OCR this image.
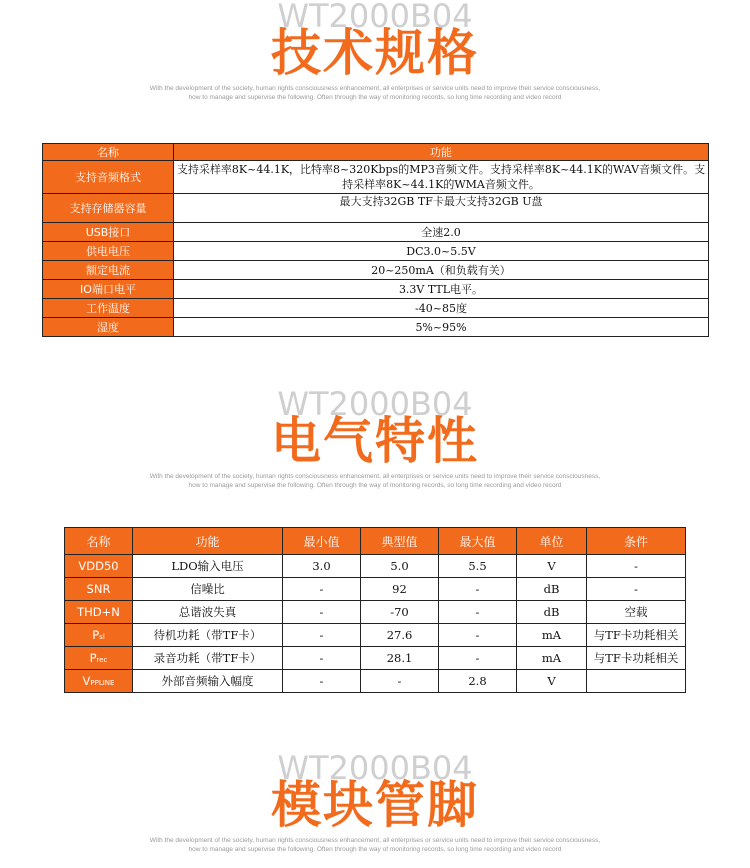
WT2000B04
技术规格
With the development of the society, human rights consciousness enhancement, all enterprises or service units need to improve their service consciousness,
how to manage and supervise the following. Often through the way of monitoring records, so long time recording and video record
名称	功能
支持音频格式	支持采样率8K~44.1K，比特率8~320Kbps的MP3音频文件。支持采样率8K~44.1K的WAV音频文件。支持采样率8K~44.1K的WMA音频文件。
支持存储器容量	最大支持32GB TF卡最大支持32GB U盘
USB接口	全速2.0
供电电压	DC3.0~5.5V
额定电流	20~250mA（和负载有关）
IO端口电平	3.3V TTL电平。
工作温度	-40~85度
湿度	5%~95%
WT2000B04
电气特性
With the development of the society, human rights consciousness enhancement, all enterprises or service units need to improve their service consciousness,
how to manage and supervise the following. Often through the way of monitoring records, so long time recording and video record
名称	功能	最小值	典型值	最大值	单位	条件
VDD50	LDO输入电压	3.0	5.0	5.5	V	-
SNR	信噪比	-	92	-	dB	-
THD+N	总谐波失真	-	-70	-	dB	空载
Psl	待机功耗（带TF卡）	-	27.6	-	mA	与TF卡功耗相关
Prec	录音功耗（带TF卡）	-	28.1	-	mA	与TF卡功耗相关
VPPLINE	外部音频输入幅度	-	-	2.8	V	
WT2000B04
模块管脚
With the development of the society, human rights consciousness enhancement, all enterprises or service units need to improve their service consciousness,
how to manage and supervise the following. Often through the way of monitoring records, so long time recording and video record
